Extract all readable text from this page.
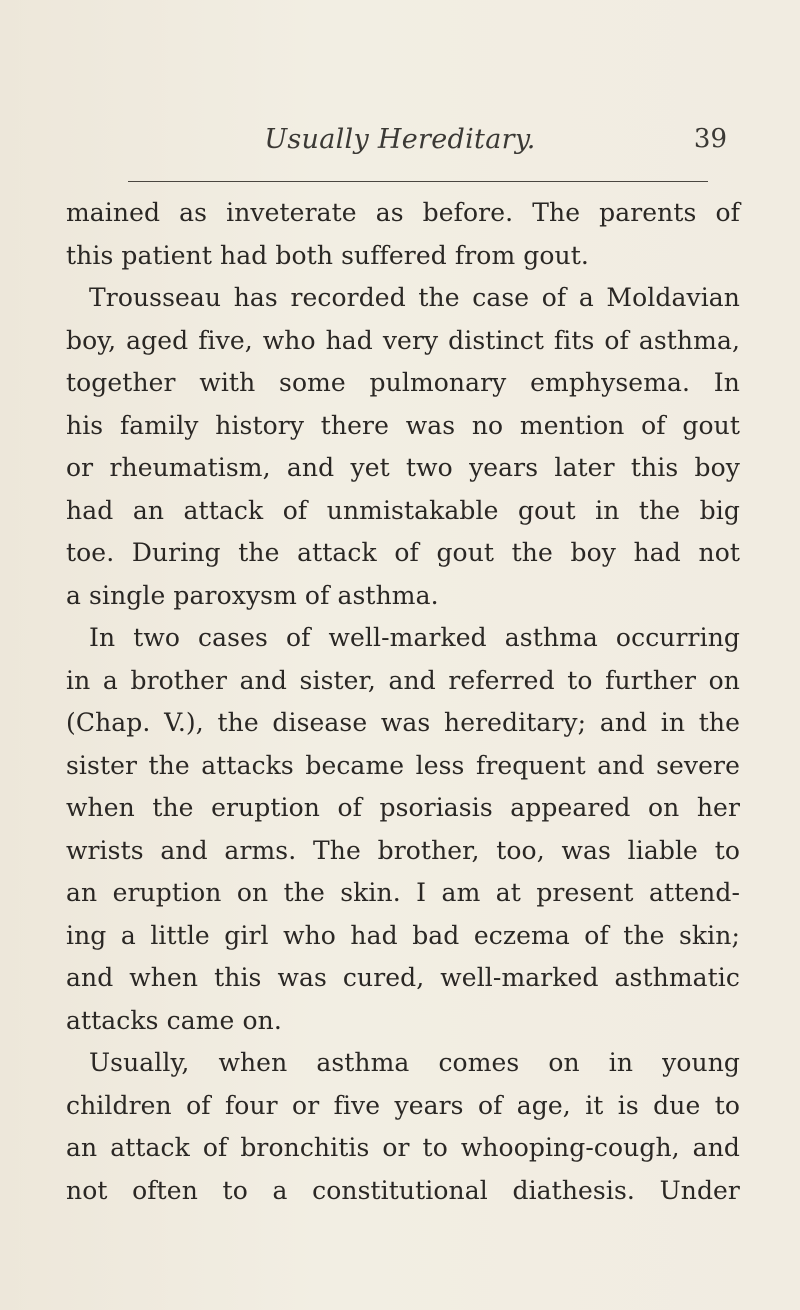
Usually Hereditary.	39
mained as inveterate as before. The parents of
this patient had both suffered from gout.
Trousseau has recorded the case of a Moldavian
boy, aged five, who had very distinct fits of asthma,
together with some pulmonary emphysema. In
his family history there was no mention of gout
or rheumatism, and yet two years later this boy
had an attack of unmistakable gout in the big
toe. During the attack of gout the boy had not
a single paroxysm of asthma.
In two cases of well-marked asthma occurring
in a brother and sister, and referred to further on
(Chap. V.), the disease was hereditary; and in the
sister the attacks became less frequent and severe
when the eruption of psoriasis appeared on her
wrists and arms. The brother, too, was liable to
an eruption on the skin. I am at present attend-
ing a little girl who had bad eczema of the skin;
and when this was cured, well-marked asthmatic
attacks came on.
Usually, when asthma comes on in young
children of four or five years of age, it is due to
an attack of bronchitis or to whooping-cough, and
not often to a constitutional diathesis. Under
